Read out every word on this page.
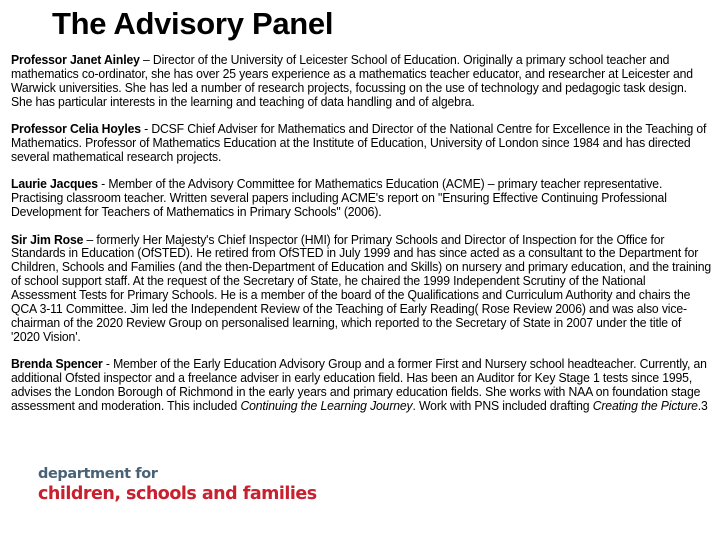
The Advisory Panel

Professor Janet Ainley – Director of the University of Leicester School of Education. Originally a primary school teacher and mathematics co-ordinator, she has over 25 years experience as a mathematics teacher educator, and researcher at Leicester and Warwick universities. She has led a number of research projects, focussing on the use of technology and pedagogic task design. She has particular interests in the learning and teaching of data handling and of algebra.

Professor Celia Hoyles - DCSF Chief Adviser for Mathematics and Director of the National Centre for Excellence in the Teaching of Mathematics. Professor of Mathematics Education at the Institute of Education, University of London since 1984 and has directed several mathematical research projects.

Laurie Jacques - Member of the Advisory Committee for Mathematics Education (ACME) – primary teacher representative. Practising classroom teacher. Written several papers including ACME's report on "Ensuring Effective Continuing Professional Development for Teachers of Mathematics in Primary Schools" (2006).

Sir Jim Rose – formerly Her Majesty's Chief Inspector (HMI) for Primary Schools and Director of Inspection for the Office for Standards in Education (OfSTED). He retired from OfSTED in July 1999 and has since acted as a consultant to the Department for Children, Schools and Families (and the then-Department of Education and Skills) on nursery and primary education, and the training of school support staff. At the request of the Secretary of State, he chaired the 1999 Independent Scrutiny of the National Assessment Tests for Primary Schools. He is a member of the board of the Qualifications and Curriculum Authority and chairs the QCA 3-11 Committee. Jim led the Independent Review of the Teaching of Early Reading( Rose Review 2006) and was also vice-chairman of the 2020 Review Group on personalised learning, which reported to the Secretary of State in 2007 under the title of '2020 Vision'.

Brenda Spencer - Member of the Early Education Advisory Group and a former First and Nursery school headteacher. Currently, an additional Ofsted inspector and a freelance adviser in early education field. Has been an Auditor for Key Stage 1 tests since 1995, advises the London Borough of Richmond in the early years and primary education fields. She works with NAA on foundation stage assessment and moderation. This included Continuing the Learning Journey. Work with PNS included drafting Creating the Picture.3

department for
children, schools and families
